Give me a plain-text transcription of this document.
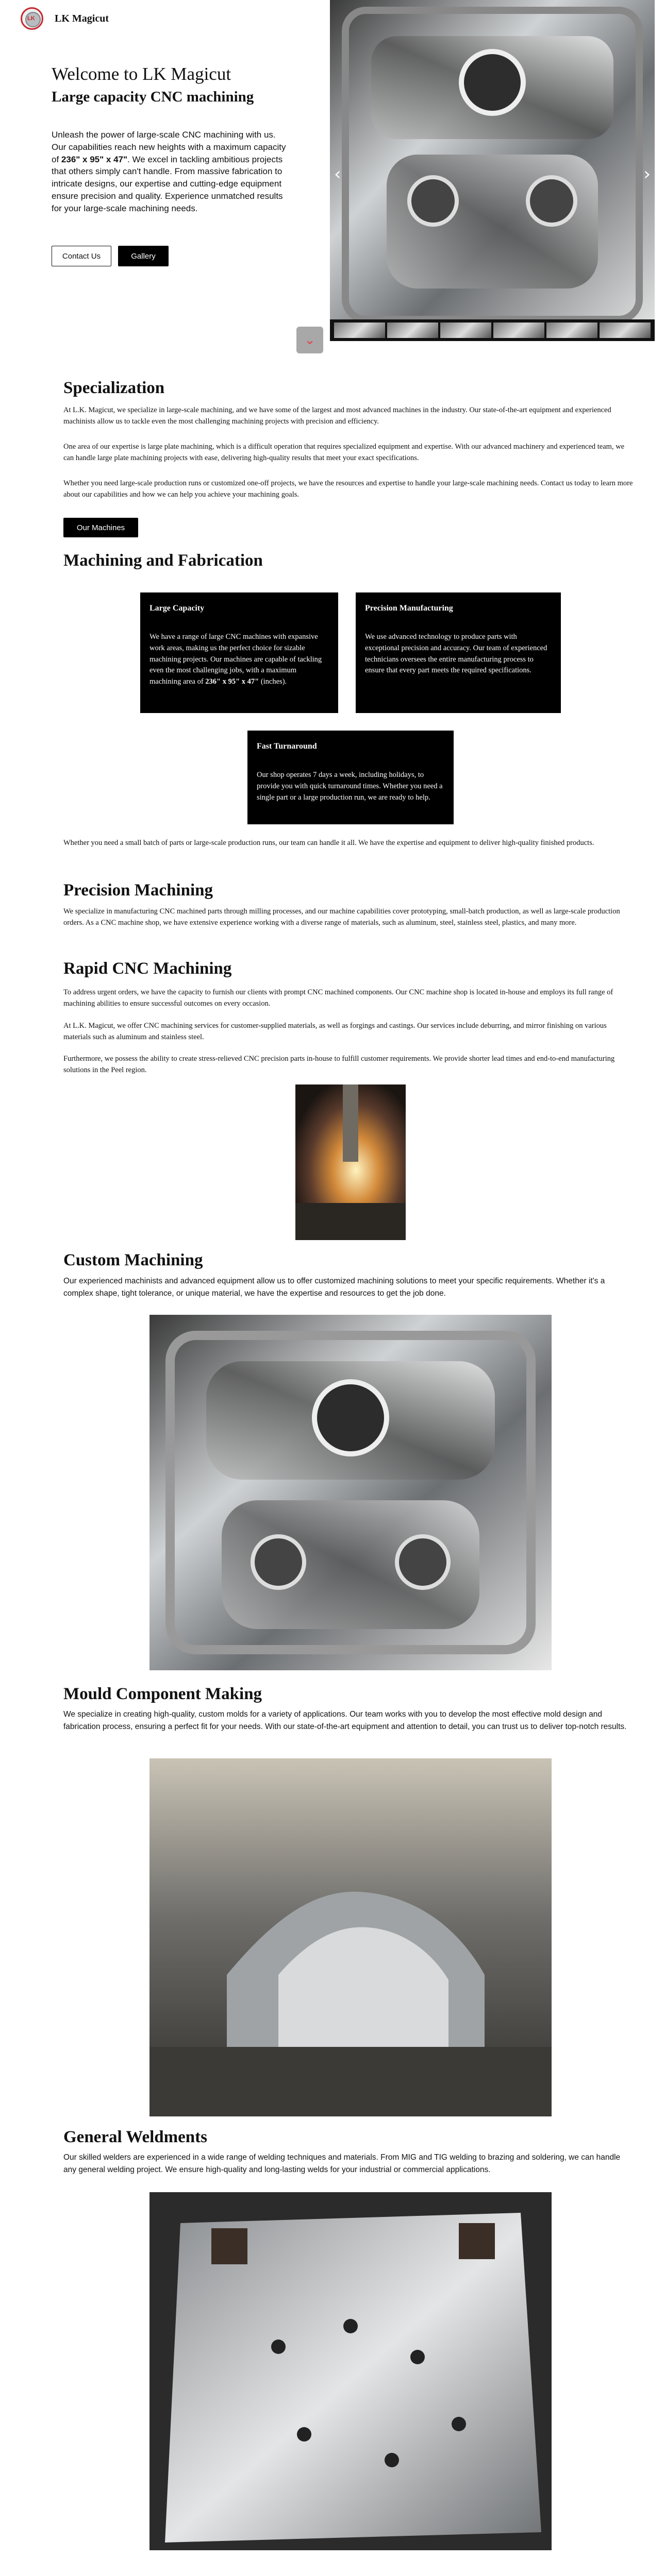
LK
LK Magicut
Welcome to LK Magicut
Large capacity CNC machining

Unleash the power of large-scale CNC machining with us. Our capabilities reach new heights with a maximum capacity of 236" x 95" x 47". We excel in tackling ambitious projects that others simply can't handle. From massive fabrication to intricate designs, our expertise and cutting-edge equipment ensure precision and quality. Experience unmatched results for your large-scale machining needs.

Contact Us	Gallery
‹	›
⌄
Specialization

At L.K. Magicut, we specialize in large-scale machining, and we have some of the largest and most advanced machines in the industry. Our state-of-the-art equipment and experienced machinists allow us to tackle even the most challenging machining projects with precision and efficiency.

One area of our expertise is large plate machining, which is a difficult operation that requires specialized equipment and expertise. With our advanced machinery and experienced team, we can handle large plate machining projects with ease, delivering high-quality results that meet your exact specifications.

Whether you need large-scale production runs or customized one-off projects, we have the resources and expertise to handle your large-scale machining needs. Contact us today to learn more about our capabilities and how we can help you achieve your machining goals.

Our Machines
Machining and Fabrication
Large Capacity

We have a range of large CNC machines with expansive work areas, making us the perfect choice for sizable machining projects. Our machines are capable of tackling even the most challenging jobs, with a maximum machining area of 236" x 95" x 47" (inches).

Precision Manufacturing

We use advanced technology to produce parts with exceptional precision and accuracy. Our team of experienced technicians oversees the entire manufacturing process to ensure that every part meets the required specifications.

Fast Turnaround

Our shop operates 7 days a week, including holidays, to provide you with quick turnaround times. Whether you need a single part or a large production run, we are ready to help.

Whether you need a small batch of parts or large-scale production runs, our team can handle it all. We have the expertise and equipment to deliver high-quality finished products.

Precision Machining

We specialize in manufacturing CNC machined parts through milling processes, and our machine capabilities cover prototyping, small-batch production, as well as large-scale production orders. As a CNC machine shop, we have extensive experience working with a diverse range of materials, such as aluminum, steel, stainless steel, plastics, and many more.

Rapid CNC Machining

To address urgent orders, we have the capacity to furnish our clients with prompt CNC machined components. Our CNC machine shop is located in-house and employs its full range of machining abilities to ensure successful outcomes on every occasion.

At L.K. Magicut, we offer CNC machining services for customer-supplied materials, as well as forgings and castings. Our services include deburring, and mirror finishing on various materials such as aluminum and stainless steel.

Furthermore, we possess the ability to create stress-relieved CNC precision parts in-house to fulfill customer requirements. We provide shorter lead times and end-to-end manufacturing solutions in the Peel region.

Custom Machining

Our experienced machinists and advanced equipment allow us to offer customized machining solutions to meet your specific requirements. Whether it's a complex shape, tight tolerance, or unique material, we have the expertise and resources to get the job done.

Mould Component Making

We specialize in creating high-quality, custom molds for a variety of applications. Our team works with you to develop the most effective mold design and fabrication process, ensuring a perfect fit for your needs. With our state-of-the-art equipment and attention to detail, you can trust us to deliver top-notch results.

General Weldments

Our skilled welders are experienced in a wide range of welding techniques and materials. From MIG and TIG welding to brazing and soldering, we can handle any general welding project. We ensure high-quality and long-lasting welds for your industrial or commercial applications.
